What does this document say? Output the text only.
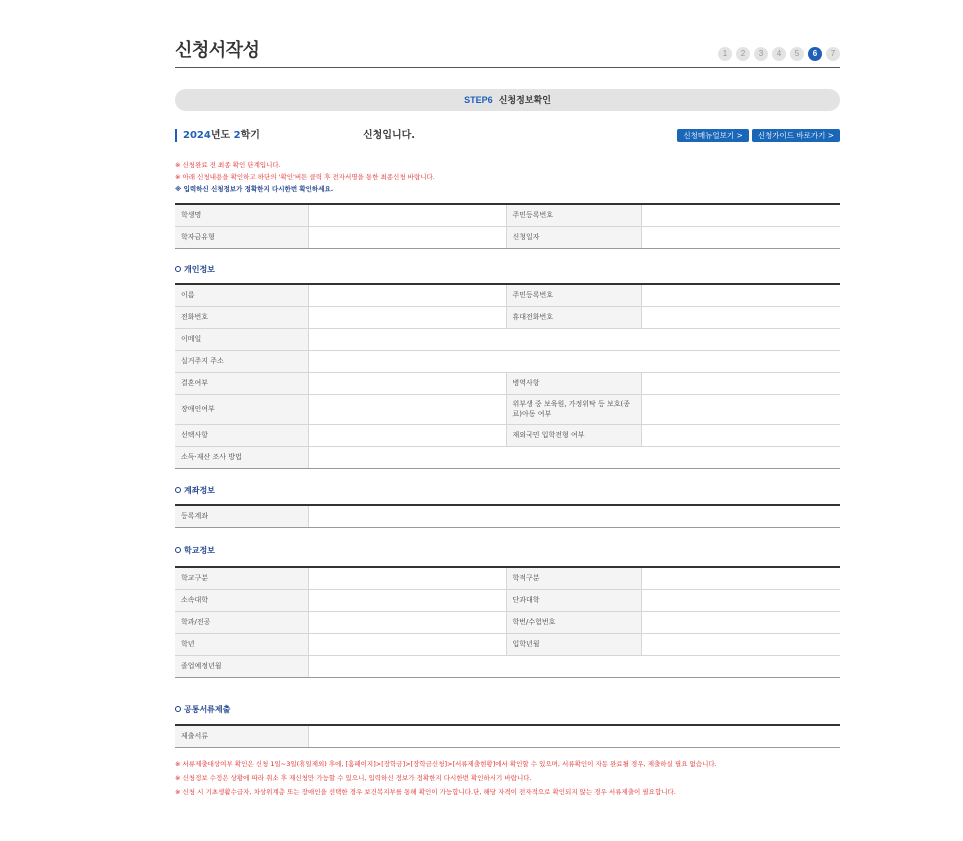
신청서작성	1	2	3	4	5	6	7
STEP6 신청정보확인
2024년도 2학기	신청입니다.	신청매뉴얼보기 >	신청가이드 바로가기 >
※ 신청완료 전 최종 확인 단계입니다.
※ 아래 신청내용을 확인하고 하단의 '확인'버튼 클릭 후 전자서명을 통한 최종신청 바랍니다.
※ 입력하신 신청정보가 정확한지 다시한번 확인하세요.
학생명		주민등록번호	
학자금유형		신청일자	
개인정보
이름		주민등록번호	
전화번호		휴대전화번호	
이메일			
실거주지 주소			
결혼여부		병역사항	
장애인여부		위부생 중 보육원, 가정위탁 등 보호(종료)아동 여부	
선택사항		재외국민 입학전형 여부	
소득·재산 조사 방법			
계좌정보
등록계좌	
학교정보
학교구분		학적구분	
소속대학		단과대학	
학과/전공		학번/수험번호	
학년		입학년월	
졸업예정년월			
공통서류제출
제출서류	
※ 서류제출대상여부 확인은 신청 1일~3일(휴일제외) 후에, [홈페이지]>[장학금]>[장학금신청]>[서류제출현황]에서 확인할 수 있으며, 서류확인이 자동 완료될 경우, 제출하실 필요 없습니다.
※ 신청정보 수정은 상황에 따라 취소 후 재신청만 가능할 수 있으니, 입력하신 정보가 정확한지 다시한번 확인하시기 바랍니다.
※ 신청 시 기초생활수급자, 차상위계층 또는 장애인을 선택한 경우 보건복지부를 통해 확인이 가능합니다.단, 해당 자격이 전자적으로 확인되지 않는 경우 서류제출이 필요합니다.
